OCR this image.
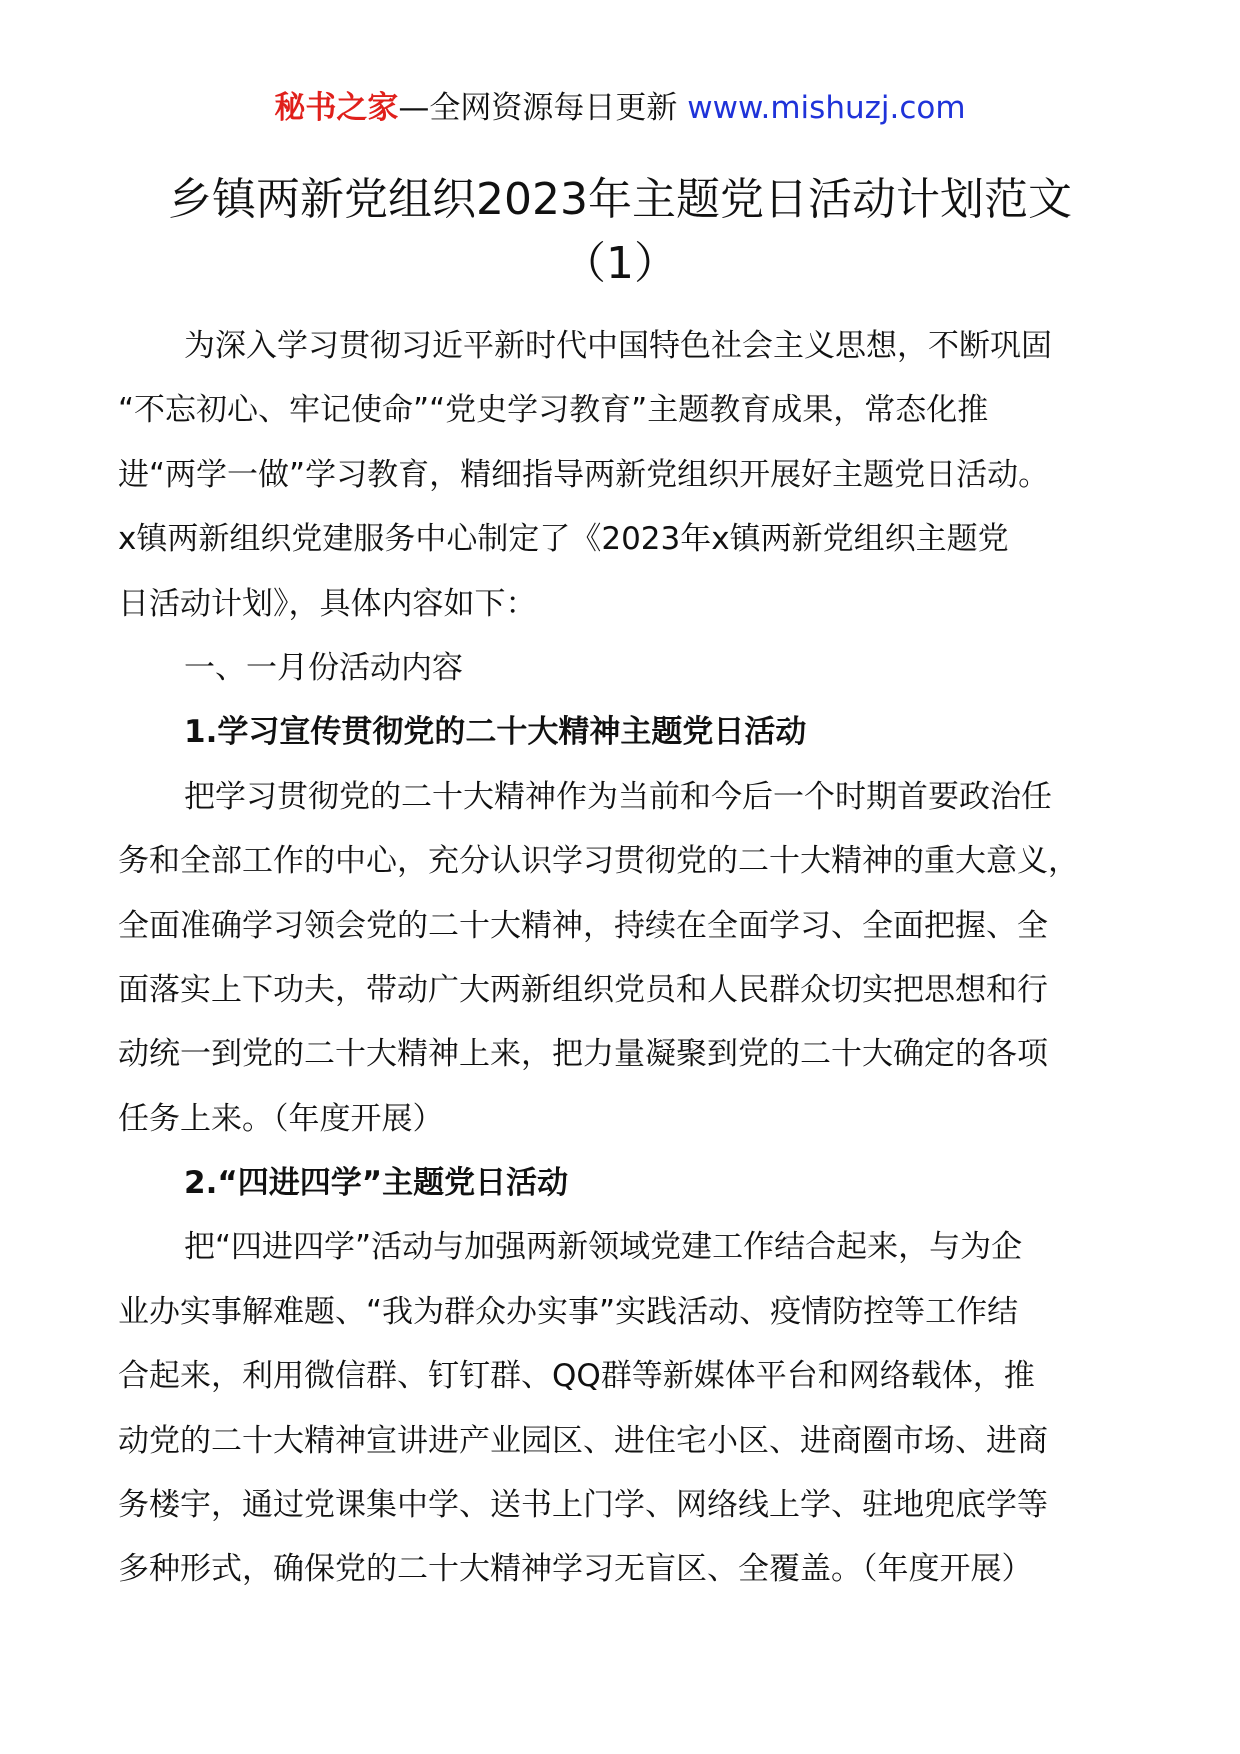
秘书之家—全网资源每日更新 www.mishuzj.com
乡镇两新党组织2023年主题党日活动计划范文
（1）
为深入学习贯彻习近平新时代中国特色社会主义思想，不断巩固
“不忘初心、牢记使命”“党史学习教育”主题教育成果，常态化推
进“两学一做”学习教育，精细指导两新党组织开展好主题党日活动。
x镇两新组织党建服务中心制定了《2023年x镇两新党组织主题党
日活动计划》，具体内容如下：
一、一月份活动内容
1.学习宣传贯彻党的二十大精神主题党日活动
把学习贯彻党的二十大精神作为当前和今后一个时期首要政治任
务和全部工作的中心，充分认识学习贯彻党的二十大精神的重大意义，
全面准确学习领会党的二十大精神，持续在全面学习、全面把握、全
面落实上下功夫，带动广大两新组织党员和人民群众切实把思想和行
动统一到党的二十大精神上来，把力量凝聚到党的二十大确定的各项
任务上来。（年度开展）
2.“四进四学”主题党日活动
把“四进四学”活动与加强两新领域党建工作结合起来，与为企
业办实事解难题、“我为群众办实事”实践活动、疫情防控等工作结
合起来，利用微信群、钉钉群、QQ群等新媒体平台和网络载体，推
动党的二十大精神宣讲进产业园区、进住宅小区、进商圈市场、进商
务楼宇，通过党课集中学、送书上门学、网络线上学、驻地兜底学等
多种形式，确保党的二十大精神学习无盲区、全覆盖。（年度开展）
